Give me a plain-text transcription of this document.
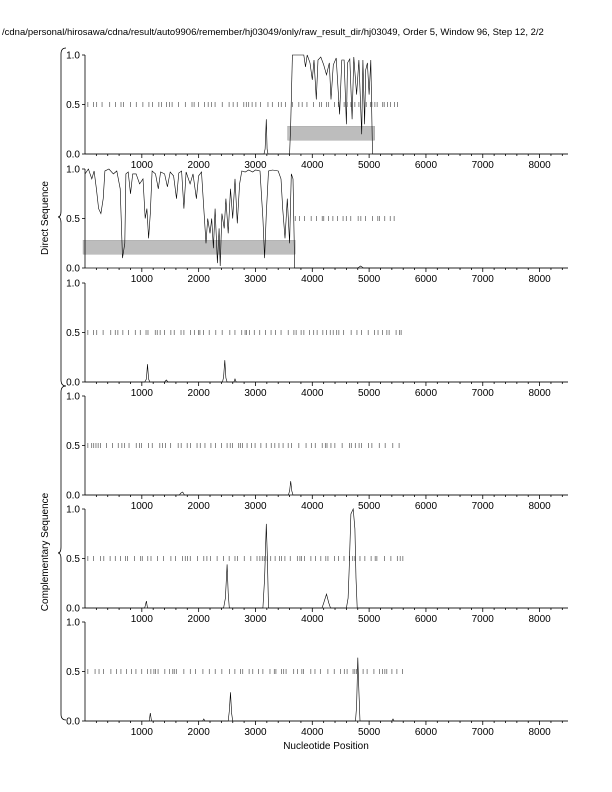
/cdna/personal/hirosawa/cdna/result/auto9906/remember/hj03049/only/raw_result_dir/hj03049, Order 5, Window 96, Step 12, 2/2
0.0
0.5
1.0
1000	2000	3000	4000	5000	6000	7000	8000
0.0
0.5
1.0
1000	2000	3000	4000	5000	6000	7000	8000
0.0
0.5
1.0
1000	2000	3000	4000	5000	6000	7000	8000
0.0
0.5
1.0
1000	2000	3000	4000	5000	6000	7000	8000
0.0
0.5
1.0
1000	2000	3000	4000	5000	6000	7000	8000
0.0
0.5
1.0
1000	2000	3000	4000	5000	6000	7000	8000
Direct Sequence
Complementary Sequence
Nucleotide Position
